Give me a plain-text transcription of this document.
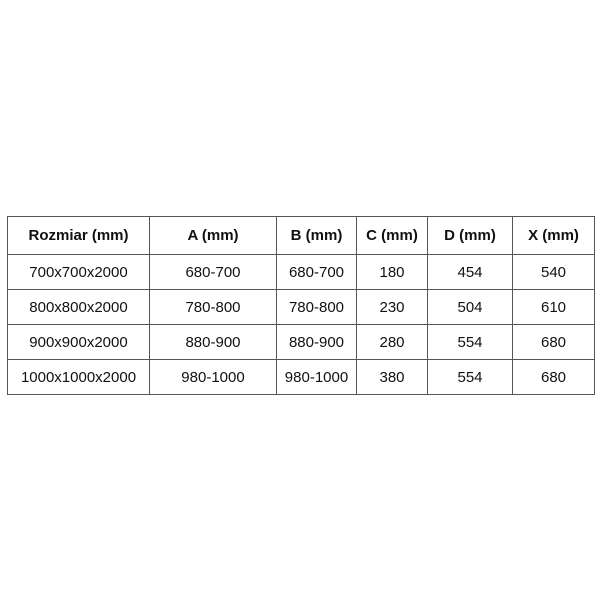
Rozmiar (mm)	A (mm)	B (mm)	C (mm)	D (mm)	X (mm)
700x700x2000	680-700	680-700	180	454	540
800x800x2000	780-800	780-800	230	504	610
900x900x2000	880-900	880-900	280	554	680
1000x1000x2000	980-1000	980-1000	380	554	680
